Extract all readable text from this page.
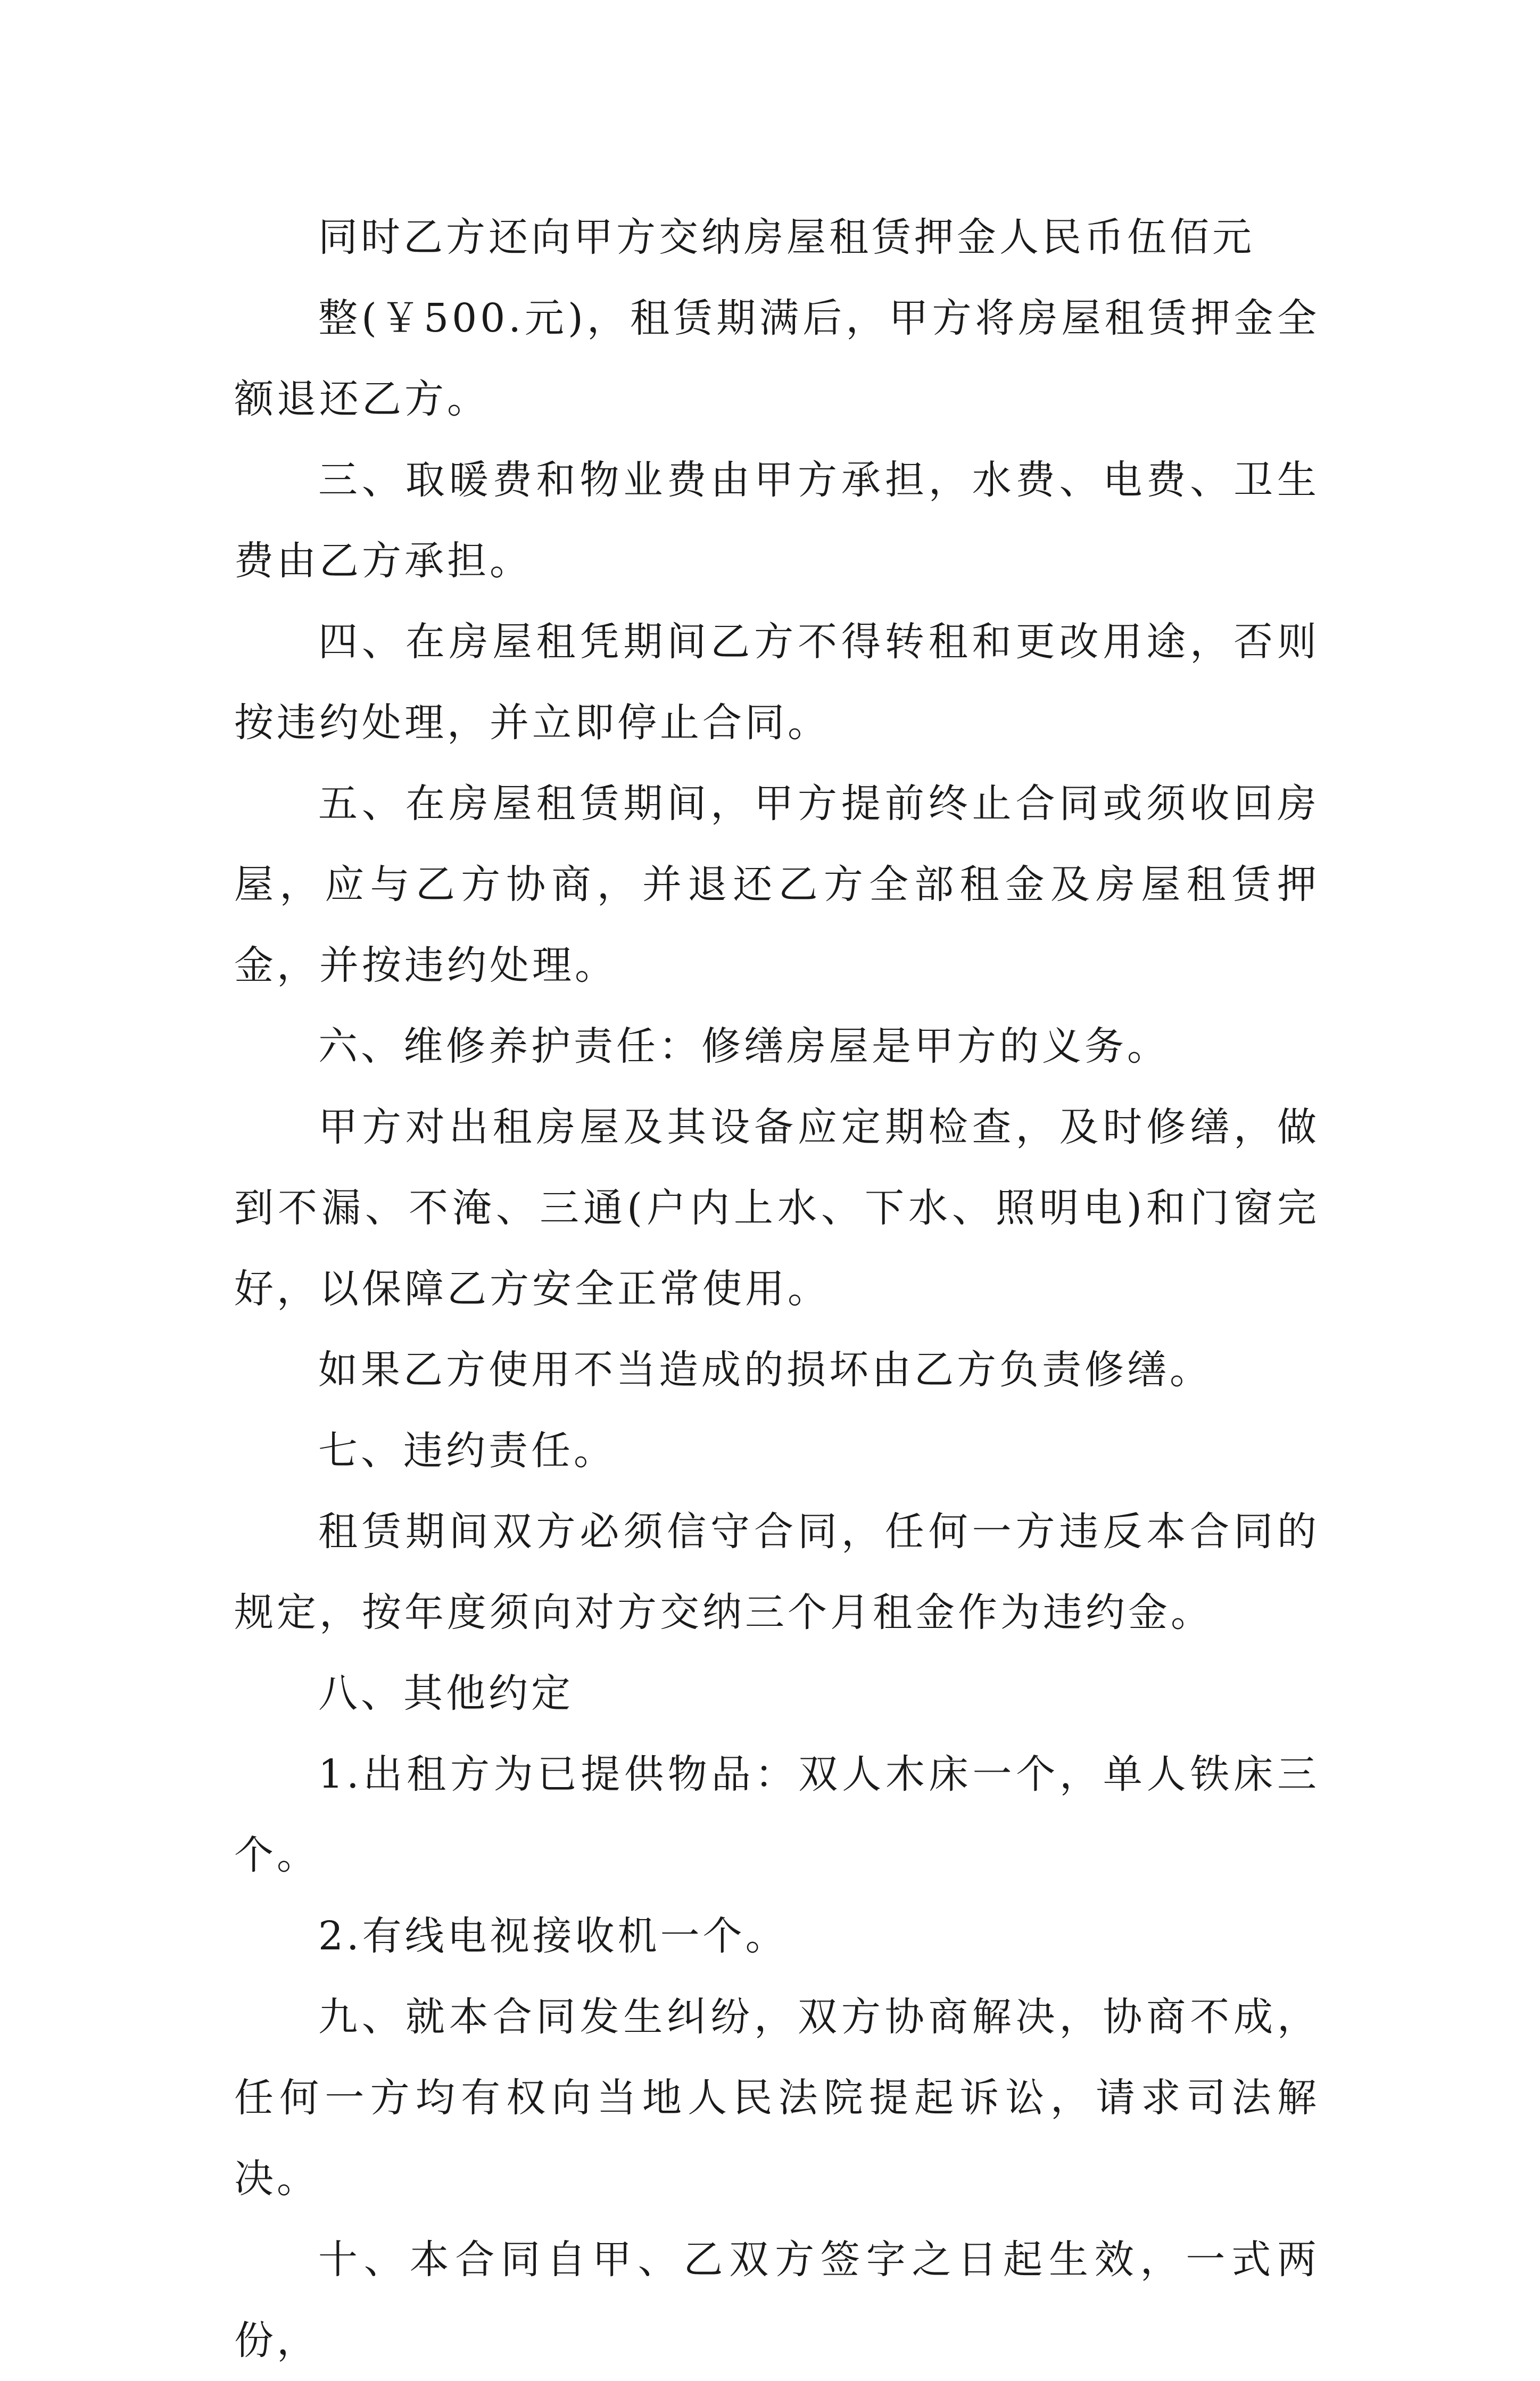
同时乙方还向甲方交纳房屋租赁押金人民币伍佰元

整(￥500.元)，租赁期满后，甲方将房屋租赁押金全额退还乙方。

三、取暖费和物业费由甲方承担，水费、电费、卫生费由乙方承担。

四、在房屋租凭期间乙方不得转租和更改用途，否则按违约处理，并立即停止合同。

五、在房屋租赁期间，甲方提前终止合同或须收回房屋，应与乙方协商，并退还乙方全部租金及房屋租赁押金，并按违约处理。

六、维修养护责任：修缮房屋是甲方的义务。

甲方对出租房屋及其设备应定期检查，及时修缮，做到不漏、不淹、三通(户内上水、下水、照明电)和门窗完好，以保障乙方安全正常使用。

如果乙方使用不当造成的损坏由乙方负责修缮。

七、违约责任。

租赁期间双方必须信守合同，任何一方违反本合同的规定，按年度须向对方交纳三个月租金作为违约金。

八、其他约定

1.出租方为已提供物品：双人木床一个，单人铁床三个。

2.有线电视接收机一个。

九、就本合同发生纠纷，双方协商解决，协商不成，任何一方均有权向当地人民法院提起诉讼，请求司法解决。

十、本合同自甲、乙双方签字之日起生效，一式两份，
